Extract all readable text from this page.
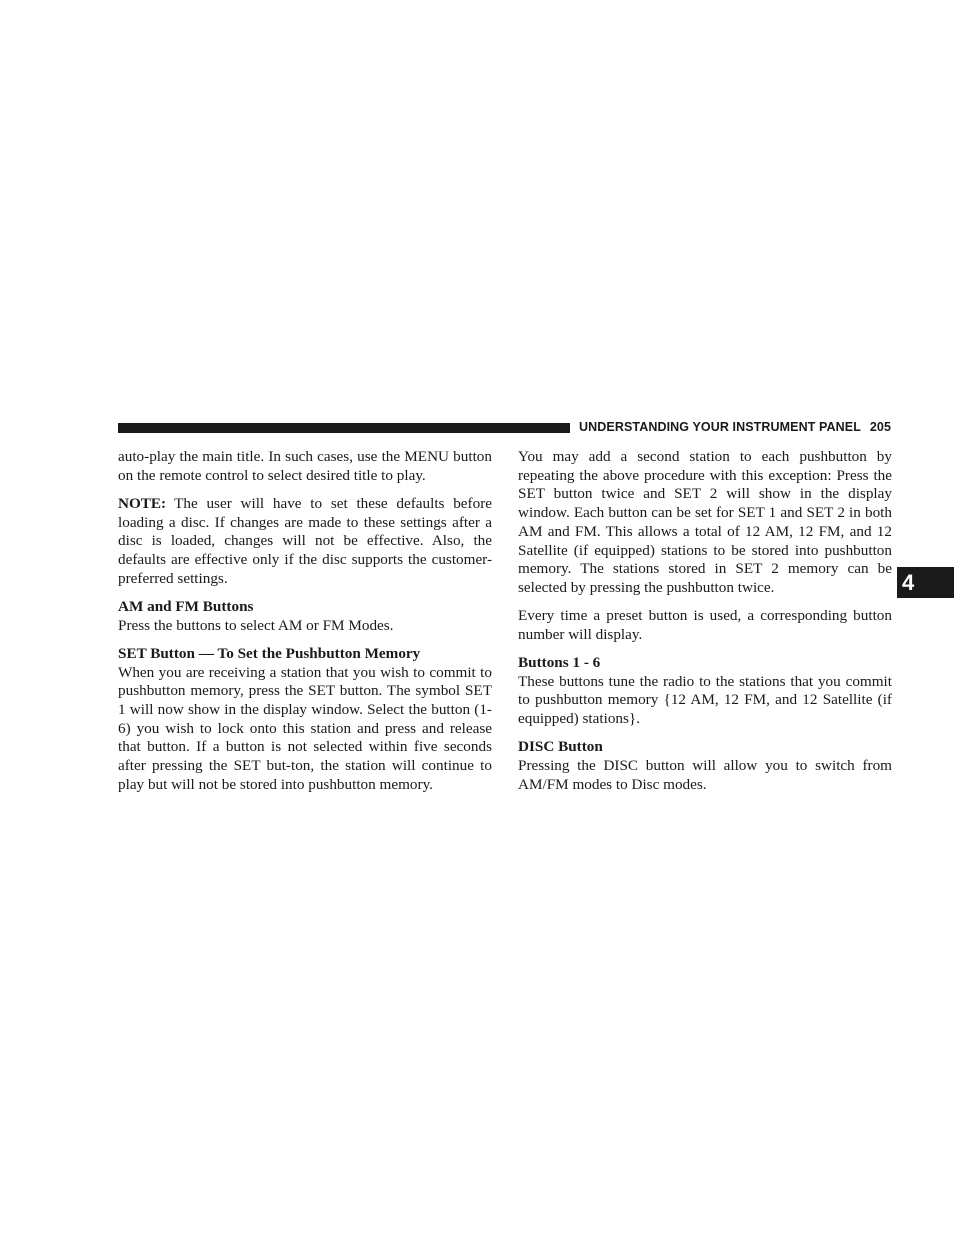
UNDERSTANDING YOUR INSTRUMENT PANEL 205
4

auto-play the main title. In such cases, use the MENU button on the remote control to select desired title to play.

NOTE: The user will have to set these defaults before loading a disc. If changes are made to these settings after a disc is loaded, changes will not be effective. Also, the defaults are effective only if the disc supports the customer-preferred settings.

AM and FM Buttons

Press the buttons to select AM or FM Modes.

SET Button — To Set the Pushbutton Memory

When you are receiving a station that you wish to commit to pushbutton memory, press the SET button. The symbol SET 1 will now show in the display window. Select the button (1-6) you wish to lock onto this station and press and release that button. If a button is not selected within five seconds after pressing the SET but-ton, the station will continue to play but will not be stored into pushbutton memory.

You may add a second station to each pushbutton by repeating the above procedure with this exception: Press the SET button twice and SET 2 will show in the display window. Each button can be set for SET 1 and SET 2 in both AM and FM. This allows a total of 12 AM, 12 FM, and 12 Satellite (if equipped) stations to be stored into pushbutton memory. The stations stored in SET 2 memory can be selected by pressing the pushbutton twice.

Every time a preset button is used, a corresponding button number will display.

Buttons 1 - 6

These buttons tune the radio to the stations that you commit to pushbutton memory {12 AM, 12 FM, and 12 Satellite (if equipped) stations}.

DISC Button

Pressing the DISC button will allow you to switch from AM/FM modes to Disc modes.
